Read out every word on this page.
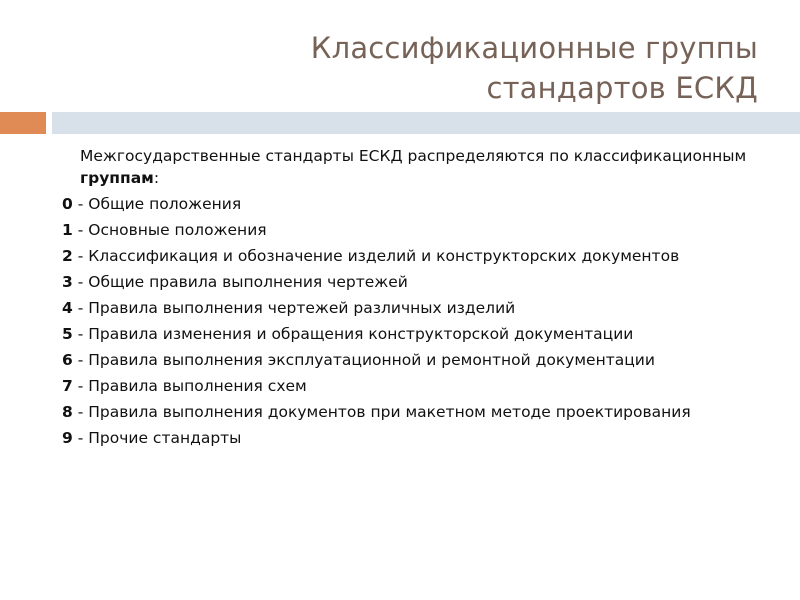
Классификационные группы
стандартов ЕСКД

Межгосударственные стандарты ЕСКД распределяются по классификационным группам:

0 - Общие положения

1 - Основные положения

2 - Классификация и обозначение изделий и конструкторских документов

3 - Общие правила выполнения чертежей

4 - Правила выполнения чертежей различных изделий

5 - Правила изменения и обращения конструкторской документации

6 - Правила выполнения эксплуатационной и ремонтной документации

7 - Правила выполнения схем

8 - Правила выполнения документов при макетном методе проектирования

9 - Прочие стандарты
